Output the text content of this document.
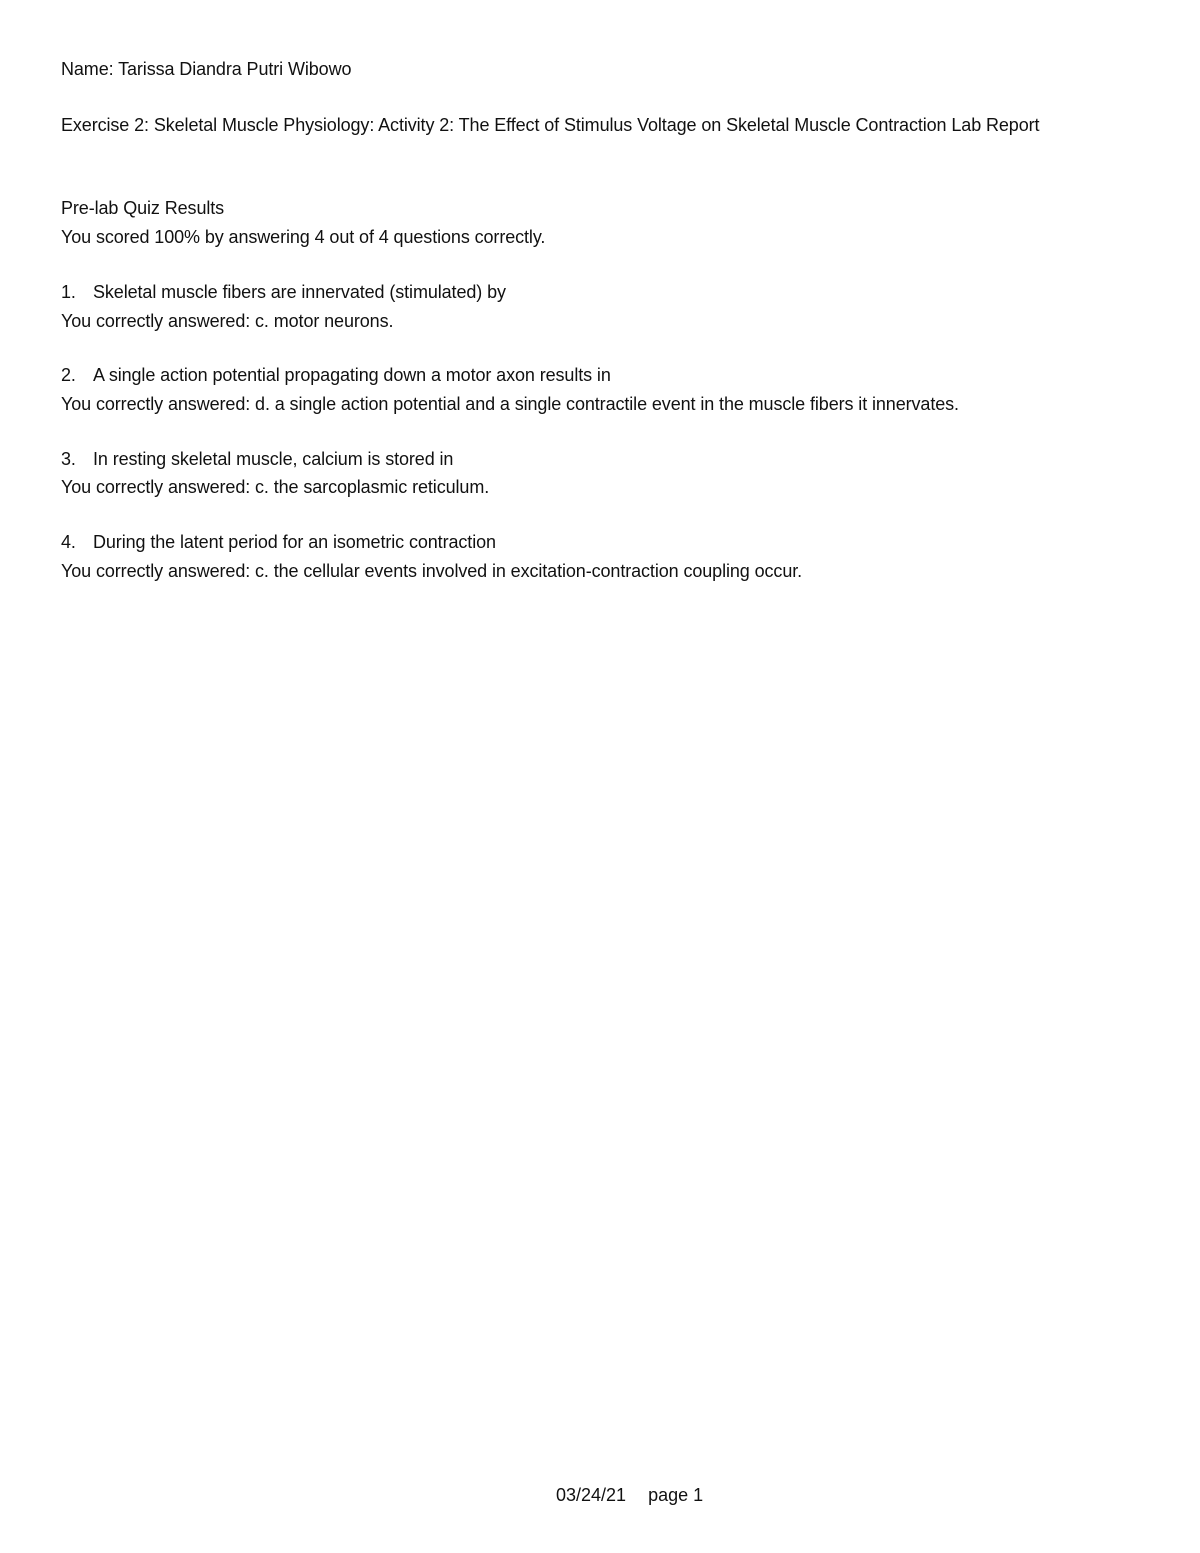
Name: Tarissa Diandra Putri Wibowo
Exercise 2: Skeletal Muscle Physiology: Activity 2: The Effect of Stimulus Voltage on Skeletal Muscle Contraction Lab Report
Pre-lab Quiz Results
You scored 100% by answering 4 out of 4 questions correctly.
1. Skeletal muscle fibers are innervated (stimulated) by
You correctly answered: c. motor neurons.
2. A single action potential propagating down a motor axon results in
You correctly answered: d. a single action potential and a single contractile event in the muscle fibers it innervates.
3. In resting skeletal muscle, calcium is stored in
You correctly answered: c. the sarcoplasmic reticulum.
4. During the latent period for an isometric contraction
You correctly answered: c. the cellular events involved in excitation-contraction coupling occur.
03/24/21 page 1
